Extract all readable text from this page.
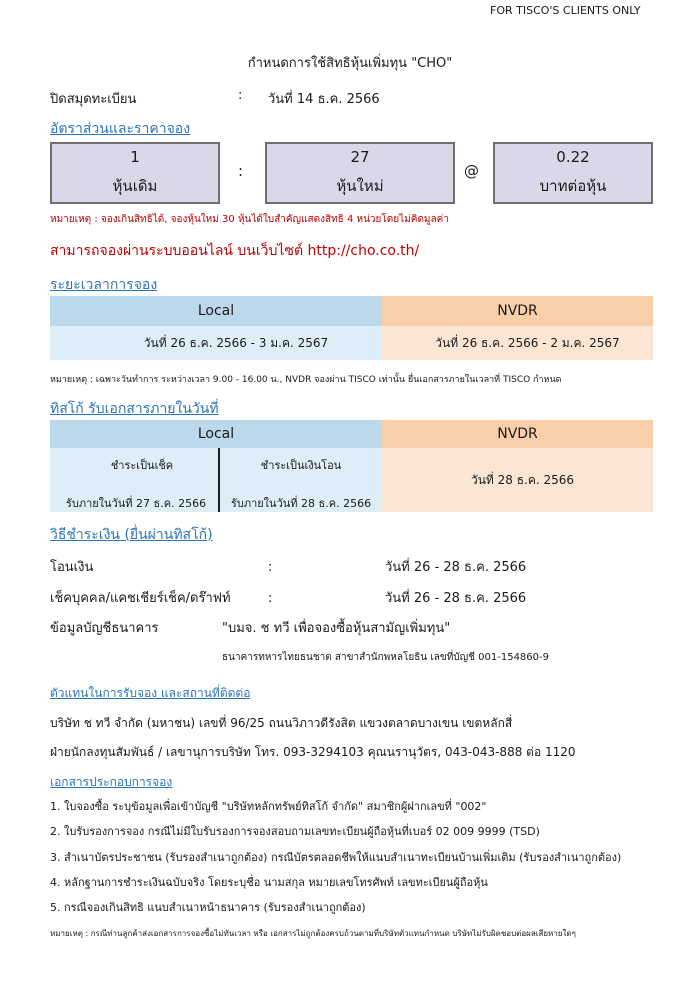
FOR TISCO'S CLIENTS ONLY
กำหนดการใช้สิทธิหุ้นเพิ่มทุน "CHO"
ปิดสมุดทะเบียน	: วันที่ 14 ธ.ค. 2566
อัตราส่วนและราคาจอง
1
หุ้นเดิม
:
27
หุ้นใหม่
@
0.22
บาทต่อหุ้น
หมายเหตุ : จองเกินสิทธิได้, จองหุ้นใหม่ 30 หุ้นได้ใบสำคัญแสดงสิทธิ 4 หน่วยโดยไม่คิดมูลค่า
สามารถจองผ่านระบบออนไลน์ บนเว็บไซต์ http://cho.co.th/
ระยะเวลาการจอง
Local	NVDR
วันที่ 26 ธ.ค. 2566 - 3 ม.ค. 2567	วันที่ 26 ธ.ค. 2566 - 2 ม.ค. 2567
หมายเหตุ : เฉพาะวันทำการ ระหว่างเวลา 9.00 - 16.00 น., NVDR จองผ่าน TISCO เท่านั้น ยื่นเอกสารภายในเวลาที่ TISCO กำหนด
ทิสโก้ รับเอกสารภายในวันที่
Local	NVDR
ชำระเป็นเช็ค
รับภายในวันที่ 27 ธ.ค. 2566
ชำระเป็นเงินโอน
รับภายในวันที่ 28 ธ.ค. 2566
วันที่ 28 ธ.ค. 2566
วิธีชำระเงิน (ยื่นผ่านทิสโก้)
โอนเงิน	:	วันที่ 26 - 28 ธ.ค. 2566
เช็คบุคคล/แคชเชียร์เช็ค/ดร๊าฟท์	:	วันที่ 26 - 28 ธ.ค. 2566
ข้อมูลบัญชีธนาคาร	"บมจ. ช ทวี เพื่อจองซื้อหุ้นสามัญเพิ่มทุน"
ธนาคารทหารไทยธนชาต สาขาสำนักพหลโยธิน เลขที่บัญชี 001-154860-9
ตัวแทนในการรับจอง และสถานที่ติดต่อ
บริษัท ช ทวี จำกัด (มหาชน) เลขที่ 96/25 ถนนวิภาวดีรังสิต แขวงตลาดบางเขน เขตหลักสี่
ฝ่ายนักลงทุนสัมพันธ์ / เลขานุการบริษัท โทร. 093-3294103 คุณนรานุวัตร, 043-043-888 ต่อ 1120
เอกสารประกอบการจอง
1. ใบจองซื้อ ระบุข้อมูลเพื่อเข้าบัญชี "บริษัทหลักทรัพย์ทิสโก้ จำกัด" สมาชิกผู้ฝากเลขที่ "002"
2. ใบรับรองการจอง กรณีไม่มีใบรับรองการจองสอบถามเลขทะเบียนผู้ถือหุ้นที่เบอร์ 02 009 9999 (TSD)
3. สำเนาบัตรประชาชน (รับรองสำเนาถูกต้อง) กรณีบัตรตลอดชีพให้แนบสำเนาทะเบียนบ้านเพิ่มเติม (รับรองสำเนาถูกต้อง)
4. หลักฐานการชำระเงินฉบับจริง โดยระบุชื่อ นามสกุล หมายเลขโทรศัพท์ เลขทะเบียนผู้ถือหุ้น
5. กรณีจองเกินสิทธิ แนบสำเนาหน้าธนาคาร (รับรองสำเนาถูกต้อง)
หมายเหตุ : กรณีท่านลูกค้าส่งเอกสารการจองซื้อไม่ทันเวลา หรือ เอกสารไม่ถูกต้องครบถ้วนตามที่บริษัทตัวแทนกำหนด บริษัทไม่รับผิดชอบต่อผลเสียหายใดๆ
